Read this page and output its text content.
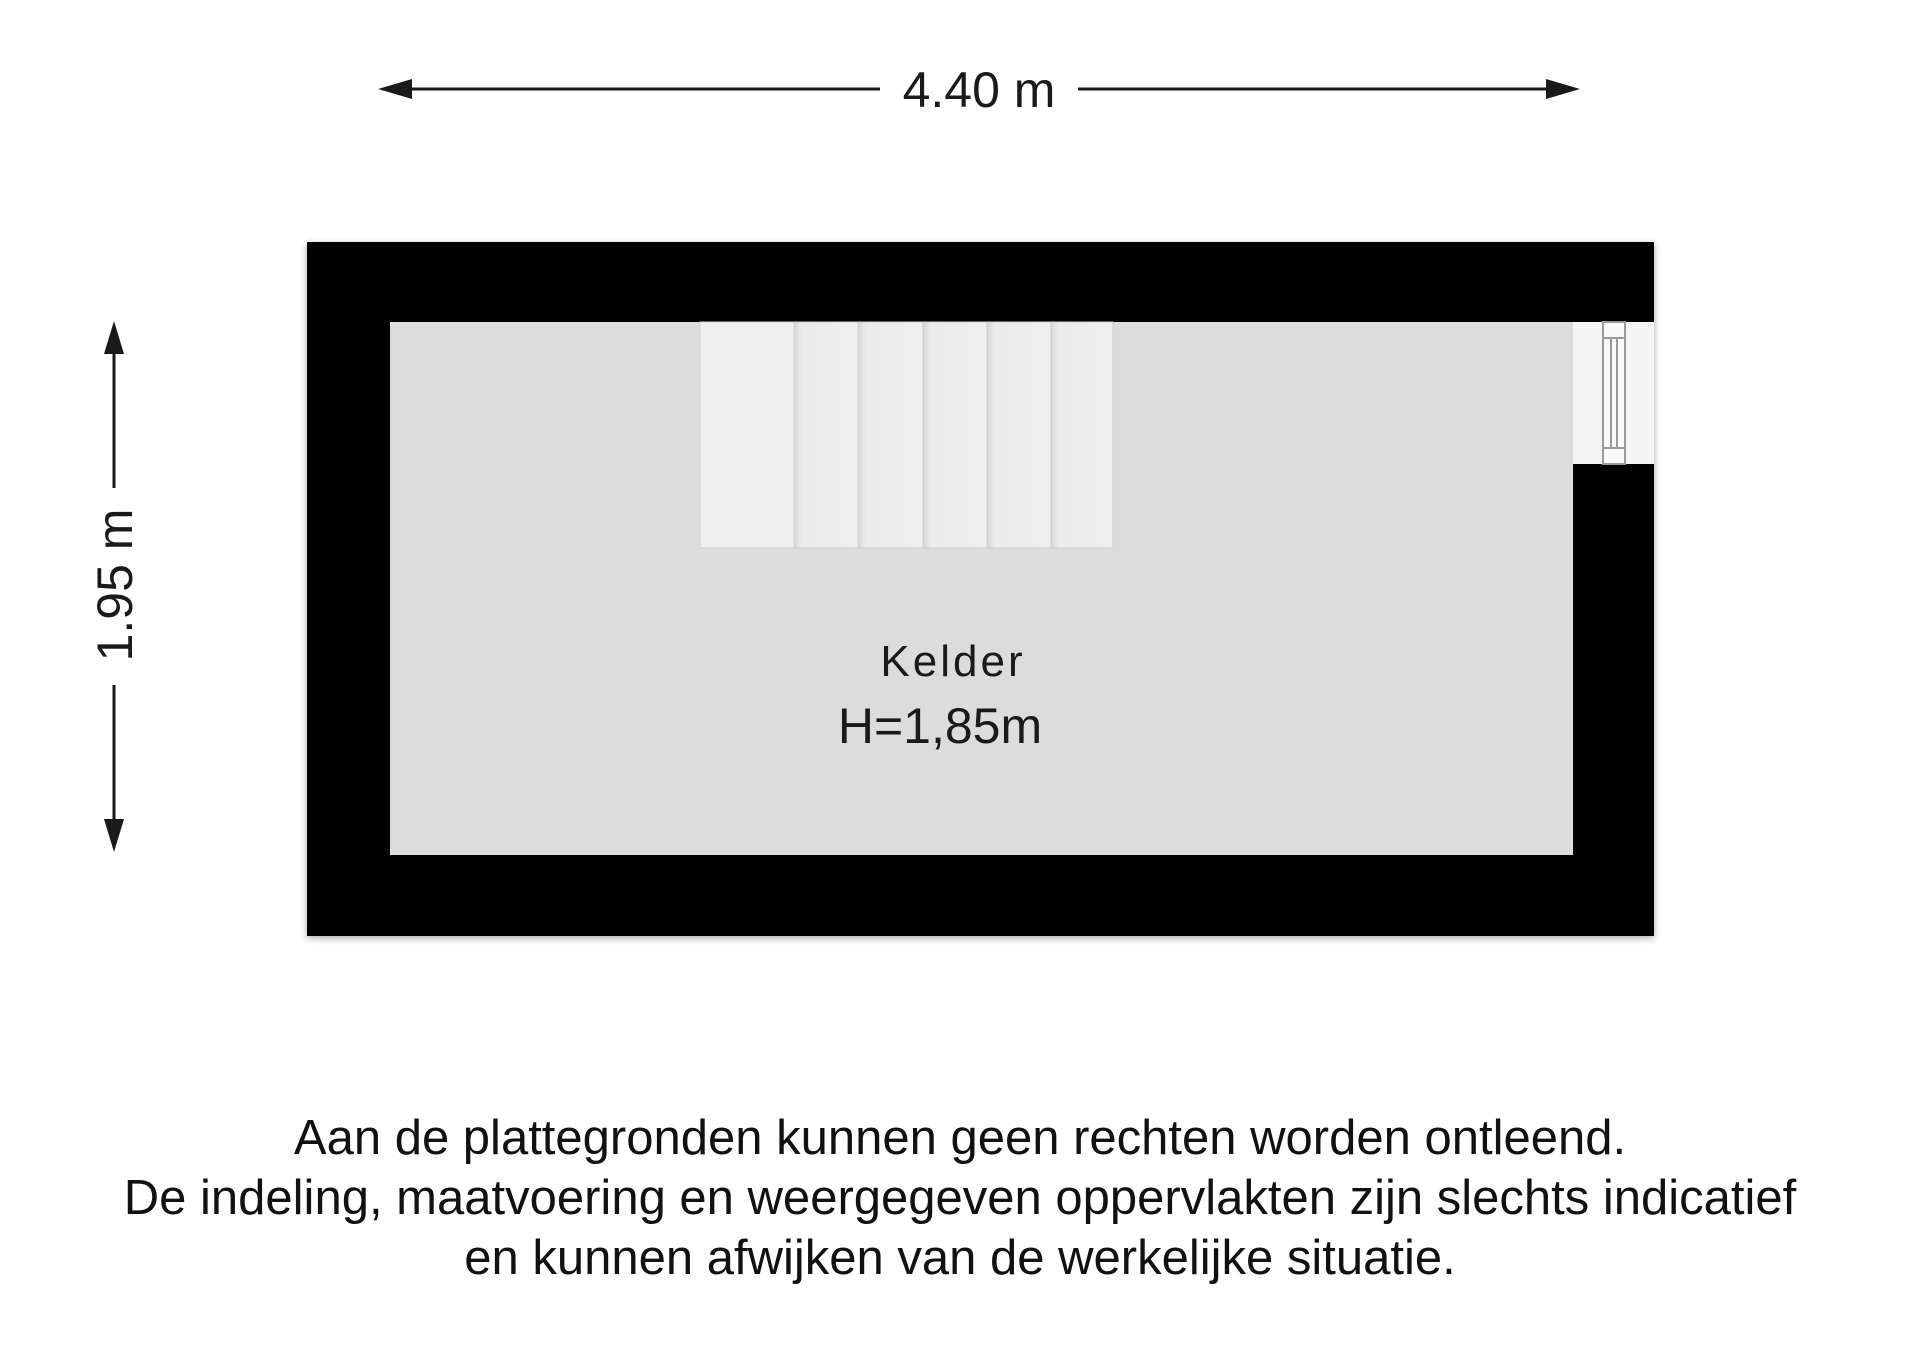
4.40 m
1.95 m
Kelder
H=1,85m
Aan de plattegronden kunnen geen rechten worden ontleend.
De indeling, maatvoering en weergegeven oppervlakten zijn slechts indicatief
en kunnen afwijken van de werkelijke situatie.
